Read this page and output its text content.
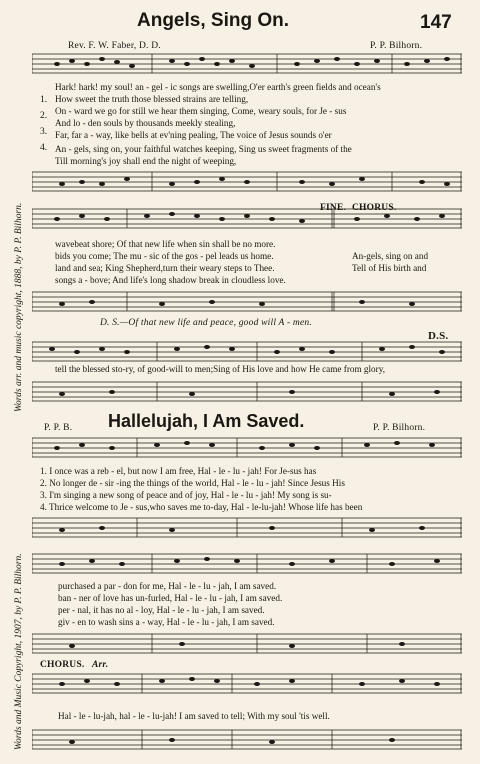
Angels, Sing On.	147
Rev. F. W. Faber, D. D.	P. P. Bilhorn.
Words arr. and music copyright, 1888, by P. P. Bilhorn.
1.
2.
3.
4.
Hark! hark! my soul! an - gel - ic songs are swelling,O'er earth's green fields and ocean's
How sweet the truth those blessed strains are telling,
On - ward we go for still we hear them singing, Come, weary souls, for Je - sus
And lo - den souls by thousands meekly stealing,
Far, far a - way, like bells at ev'ning pealing, The voice of Jesus sounds o'er
An - gels, sing on, your faithful watches keeping, Sing us sweet fragments of the
Till morning's joy shall end the night of weeping,
FINE. CHORUS.
wavebeat shore; Of that new life when sin shall be no more.
bids you come; The mu - sic of the gos - pel leads us home.
land and sea; King Shepherd,turn their weary steps to Thee.
songs a - bove; And life's long shadow break in cloudless love.
An-gels, sing on and
Tell of His birth and
D. S.—Of that new life and peace, good will A - men.
D.S.
tell the blessed sto-ry, of good-will to men;Sing of His love and how He came from glory,
Hallelujah, I Am Saved.
P. P. B.	P. P. Bilhorn.
Words and Music Copyright, 1907, by P. P. Bilhorn.
1. I once was a reb - el, but now I am free, Hal - le - lu - jah! For Je-sus has
2. No longer de - sir -ing the things of the world, Hal - le - lu - jah! Since Jesus His
3. I'm singing a new song of peace and of joy, Hal - le - lu - jah! My song is su-
4. Thrice welcome to Je - sus,who saves me to-day, Hal - le-lu-jah! Whose life has been
purchased a par - don for me, Hal - le - lu - jah, I am saved.
ban - ner of love has un-furled, Hal - le - lu - jah, I am saved.
per - nal, it has no al - loy, Hal - le - lu - jah, I am saved.
giv - en to wash sins a - way, Hal - le - lu - jah, I am saved.
CHORUS. Arr.
Hal - le - lu-jah, hal - le - lu-jah! I am saved to tell; With my soul 'tis well.
